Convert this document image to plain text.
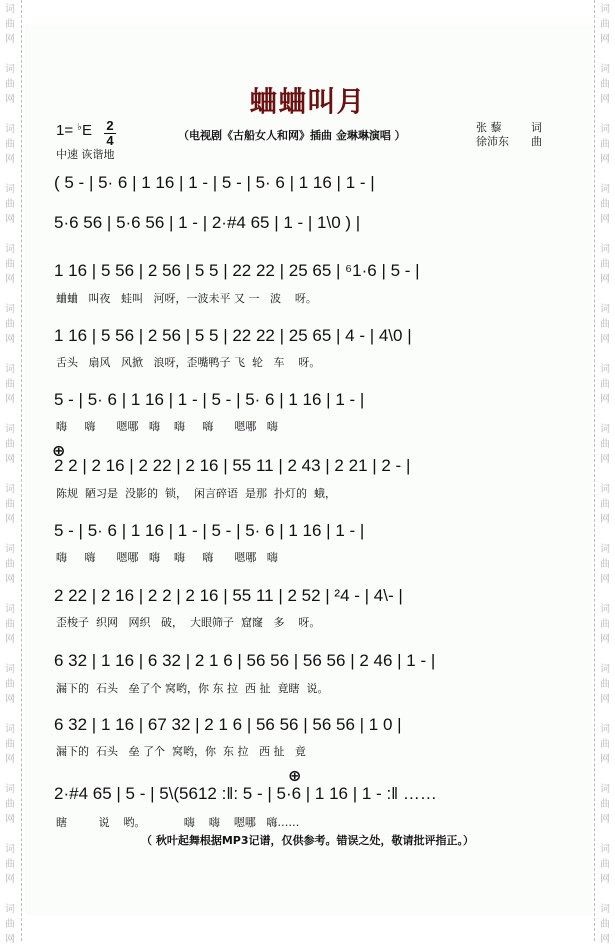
词
曲
网
词
曲
网
词
曲
网
词
曲
网
词
曲
网
词
曲
网
词
曲
网
词
曲
网
词
曲
网
词
曲
网
词
曲
网
词
曲
网
词
曲
网
词
曲
网
词
曲
网
词
曲
网
词
曲
网
词
曲
网
词
曲
网
词
曲
网
词
曲
网
词
曲
网
词
曲
网
词
曲
网
词
曲
网
词
曲
网
词
曲
网
词
曲
网
词
曲
网
词
曲
网
词
曲
网
词
曲
网
蛐蛐叫月
1= ♭E 2
4
中速 诙谐地
（电视剧《古船女人和网》插曲 金琳琳演唱 ）
张 藜	词
徐沛东 曲
( 5 - | 5· 6 | 1 16 | 1 - | 5 - | 5· 6 | 1 16 | 1 - |
5·6 56 | 5·6 56 | 1 - | 2·#4 65 | 1 - | 1\0 ) |
1 16 | 5 56 | 2 56 | 5 5 | 22 22 | 25 65 | ⁶1·6 | 5 - |
蛐蛐   叫夜   蛙叫   河呀，一波未平 又 一   波    呀。
1 16 | 5 56 | 2 56 | 5 5 | 22 22 | 25 65 | 4 - | 4\0 |
舌头   扇风   风掀   浪呀，歪嘴鸭子 飞  轮   车    呀。
5 - | 5· 6 | 1 16 | 1 - | 5 - | 5· 6 | 1 16 | 1 - |
嗨     嗨      嗯哪   嗨    嗨     嗨      嗯哪   嗨
2 2 | 2 16 | 2 22 | 2 16 | 55 11 | 2 43 | 2 21 | 2 - |
陈规  陋习是  没影的  锁，  闲言碎语  是那  扑灯的  蛾，
5 - | 5· 6 | 1 16 | 1 - | 5 - | 5· 6 | 1 16 | 1 - |
嗨     嗨      嗯哪   嗨    嗨     嗨      嗯哪   嗨
2 22 | 2 16 | 2 2 | 2 16 | 55 11 | 2 52 | ²4 - | 4\- |
歪梭子  织网   网织   破，  大眼筛子  窟窿   多    呀。
6 32 | 1 16 | 6 32 | 2 1 6 | 56 56 | 56 56 | 2 46 | 1 - |
漏下的  石头   垒了个 窝哟，你 东 拉  西 扯  竟瞎  说。
6 32 | 1 16 | 67 32 | 2 1 6 | 56 56 | 56 56 | 1 0 |
漏下的  石头   垒 了个  窝哟，你  东 拉   西 扯   竟
2·#4 65 | 5 - | 5\(5612 :‖: 5 - | 5·6 | 1 16 | 1 - :‖ ……
瞎         说    哟。           嗨    嗨    嗯哪   嗨……
⊕
⊕
（ 秋叶起舞根据MP3记谱，仅供参考。错误之处，敬请批评指正。）
